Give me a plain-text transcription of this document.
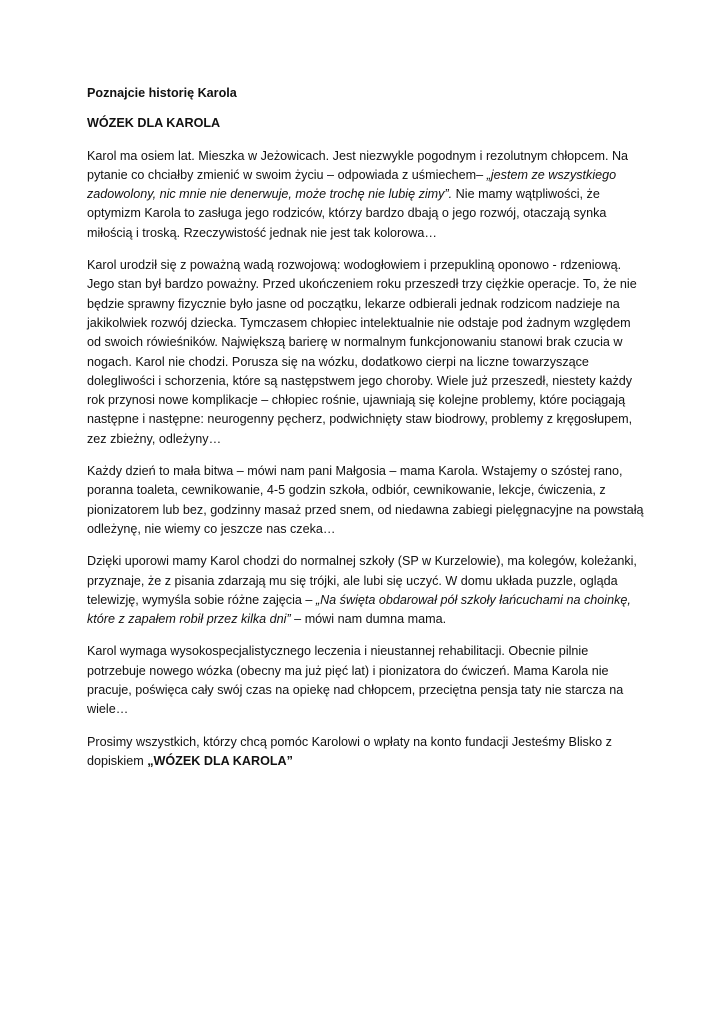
Poznajcie historię Karola

WÓZEK DLA KAROLA

Karol ma osiem lat. Mieszka w Jeżowicach. Jest niezwykle pogodnym i rezolutnym chłopcem. Na pytanie co chciałby zmienić w swoim życiu – odpowiada z uśmiechem– „jestem ze wszystkiego zadowolony, nic mnie nie denerwuje, może trochę nie lubię zimy”. Nie mamy wątpliwości, że optymizm Karola to zasługa jego rodziców, którzy bardzo dbają o jego rozwój, otaczają synka miłością i troską. Rzeczywistość jednak nie jest tak kolorowa…

Karol urodził się z poważną wadą rozwojową: wodogłowiem i przepukliną oponowo - rdzeniową. Jego stan był bardzo poważny. Przed ukończeniem roku przeszedł trzy ciężkie operacje. To, że nie będzie sprawny fizycznie było jasne od początku, lekarze odbierali jednak rodzicom nadzieje na jakikolwiek rozwój dziecka. Tymczasem chłopiec intelektualnie nie odstaje pod żadnym względem od swoich rówieśników. Największą barierę w normalnym funkcjonowaniu stanowi brak czucia w nogach. Karol nie chodzi. Porusza się na wózku, dodatkowo cierpi na liczne towarzyszące dolegliwości i schorzenia, które są następstwem jego choroby. Wiele już przeszedł, niestety każdy rok przynosi nowe komplikacje – chłopiec rośnie, ujawniają się kolejne problemy, które pociągają następne i następne: neurogenny pęcherz, podwichnięty staw biodrowy, problemy z kręgosłupem, zez zbieżny, odleżyny…

Każdy dzień to mała bitwa – mówi nam pani Małgosia – mama Karola. Wstajemy o szóstej rano, poranna toaleta, cewnikowanie, 4-5 godzin szkoła, odbiór, cewnikowanie, lekcje, ćwiczenia, z pionizatorem lub bez, godzinny masaż przed snem, od niedawna zabiegi pielęgnacyjne na powstałą odleżynę, nie wiemy co jeszcze nas czeka…

Dzięki uporowi mamy Karol chodzi do normalnej szkoły (SP w Kurzelowie), ma kolegów, koleżanki, przyznaje, że z pisania zdarzają mu się trójki, ale lubi się uczyć. W domu układa puzzle, ogląda telewizję, wymyśla sobie różne zajęcia – „Na święta obdarował pół szkoły łańcuchami na choinkę, które z zapałem robił przez kilka dni” – mówi nam dumna mama.

Karol wymaga wysokospecjalistycznego leczenia i nieustannej rehabilitacji. Obecnie pilnie potrzebuje nowego wózka (obecny ma już pięć lat) i pionizatora do ćwiczeń. Mama Karola nie pracuje, poświęca cały swój czas na opiekę nad chłopcem, przeciętna pensja taty nie starcza na wiele…

Prosimy wszystkich, którzy chcą pomóc Karolowi o wpłaty na konto fundacji Jesteśmy Blisko z dopiskiem „WÓZEK DLA KAROLA”
